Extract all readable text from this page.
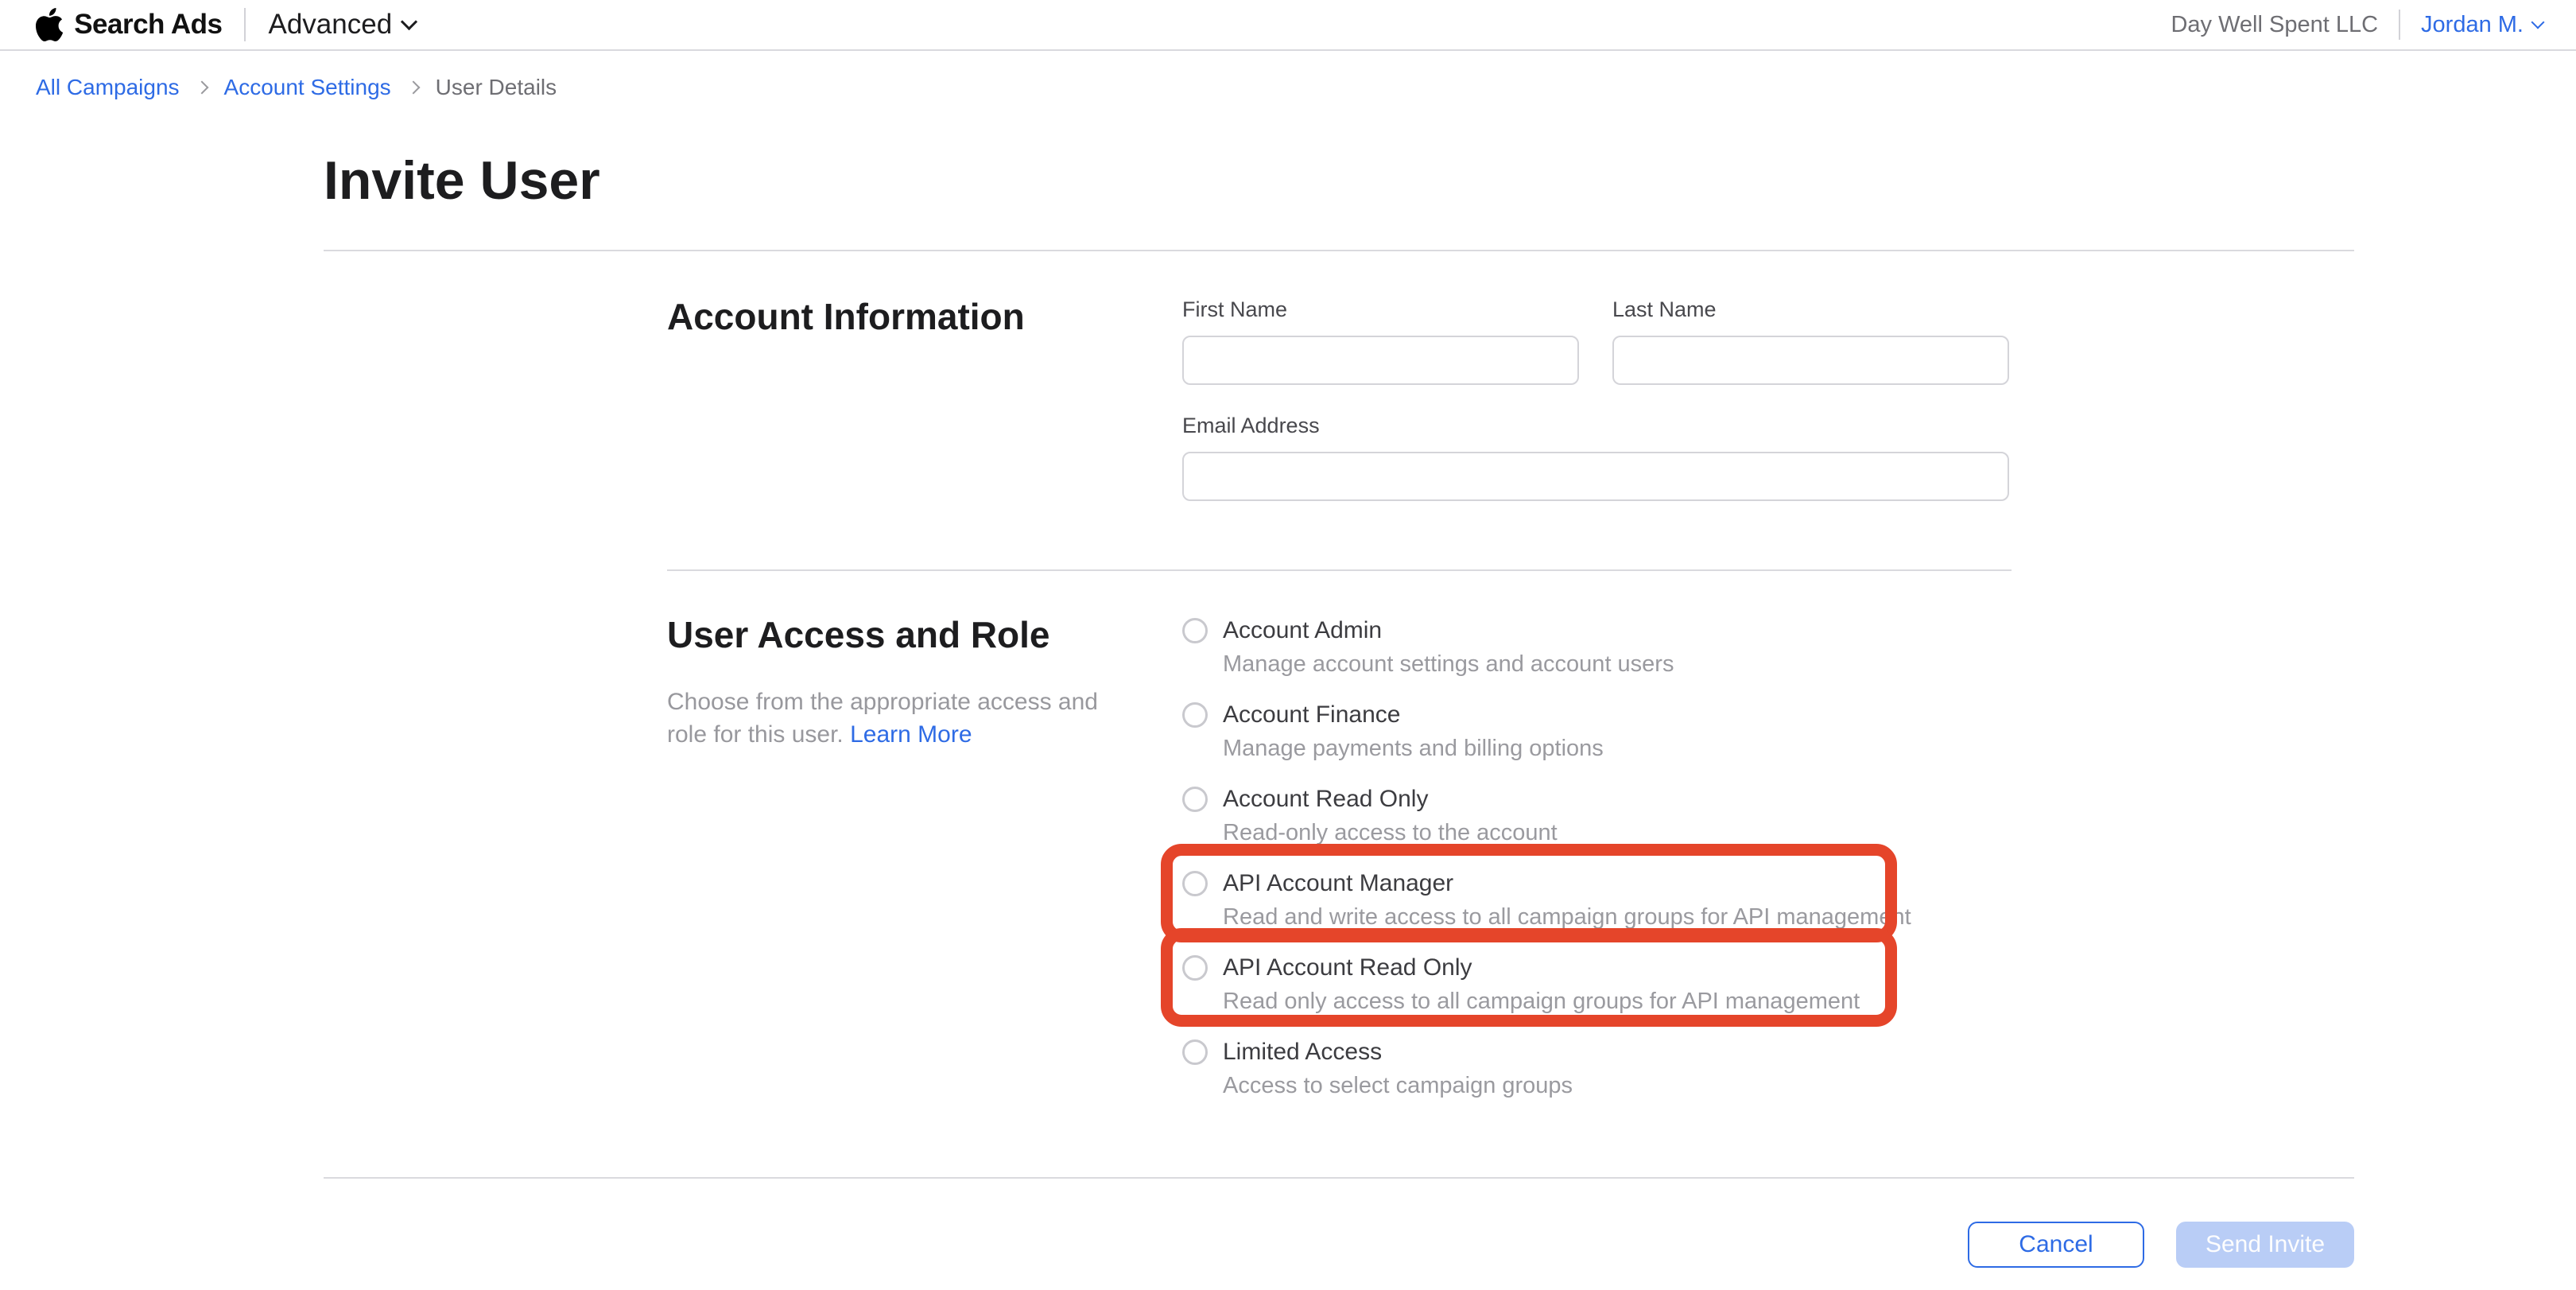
Search Ads Advanced	Day Well Spent LLC Jordan M.
All Campaigns Account Settings User Details
Invite User
Account Information	First Name	Last Name
Email Address
User Access and Role

Choose from the appropriate access and role for this user. Learn More

Account Admin
Manage account settings and account users
Account Finance
Manage payments and billing options
Account Read Only
Read-only access to the account
API Account Manager
Read and write access to all campaign groups for API management
API Account Read Only
Read only access to all campaign groups for API management
Limited Access
Access to select campaign groups
Cancel	Send Invite
